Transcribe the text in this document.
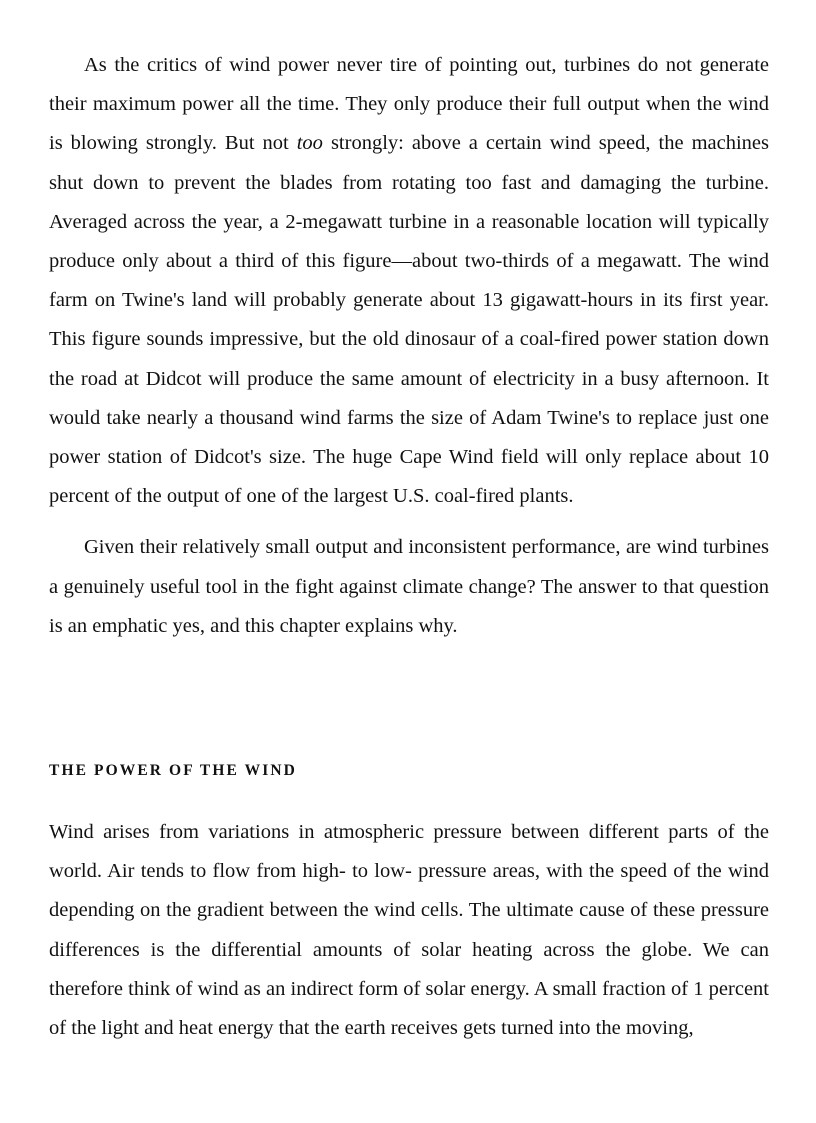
As the critics of wind power never tire of pointing out, turbines do not generate their maximum power all the time. They only produce their full output when the wind is blowing strongly. But not too strongly: above a certain wind speed, the machines shut down to prevent the blades from rotating too fast and damaging the turbine. Averaged across the year, a 2-megawatt turbine in a reasonable location will typically produce only about a third of this figure—about two-thirds of a megawatt. The wind farm on Twine's land will probably generate about 13 gigawatt-hours in its first year. This figure sounds impressive, but the old dinosaur of a coal-fired power station down the road at Didcot will produce the same amount of electricity in a busy afternoon. It would take nearly a thousand wind farms the size of Adam Twine's to replace just one power station of Didcot's size. The huge Cape Wind field will only replace about 10 percent of the output of one of the largest U.S. coal-fired plants.

Given their relatively small output and inconsistent performance, are wind turbines a genuinely useful tool in the fight against climate change? The answer to that question is an emphatic yes, and this chapter explains why.

THE POWER OF THE WIND

Wind arises from variations in atmospheric pressure between different parts of the world. Air tends to flow from high- to low- pressure areas, with the speed of the wind depending on the gradient between the wind cells. The ultimate cause of these pressure differences is the differential amounts of solar heating across the globe. We can therefore think of wind as an indirect form of solar energy. A small fraction of 1 percent of the light and heat energy that the earth receives gets turned into the moving,
